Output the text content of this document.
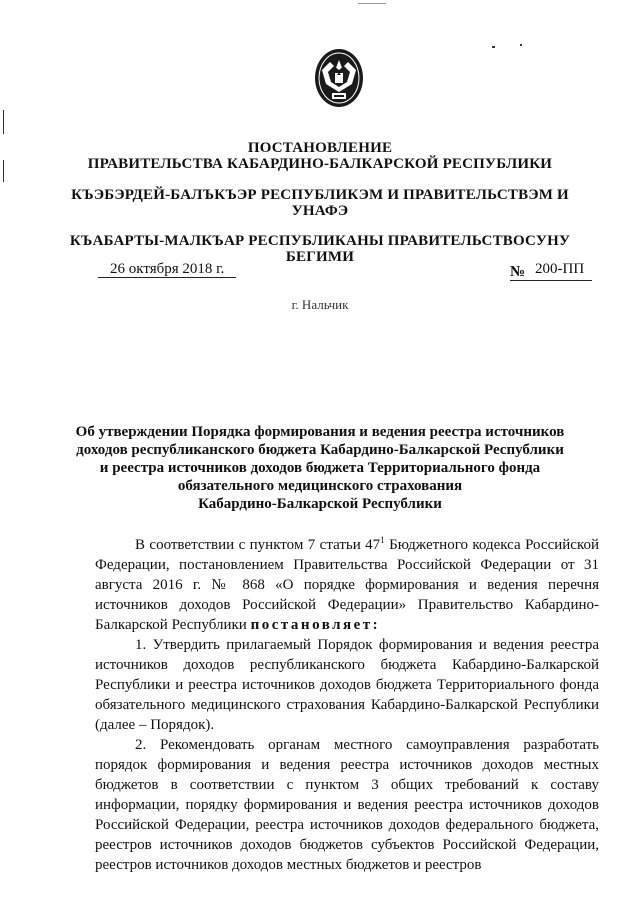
ПОСТАНОВЛЕНИЕ
ПРАВИТЕЛЬСТВА КАБАРДИНО-БАЛКАРСКОЙ РЕСПУБЛИКИ
КЪЭБЭРДЕЙ-БАЛЪКЪЭР РЕСПУБЛИКЭМ И ПРАВИТЕЛЬСТВЭМ И
УНАФЭ
КЪАБАРТЫ-МАЛКЪАР РЕСПУБЛИКАНЫ ПРАВИТЕЛЬСТВОСУНУ
БЕГИМИ
26 октября 2018 г.	№ 200-ПП
г. Нальчик
Об утверждении Порядка формирования и ведения реестра источников
доходов республиканского бюджета Кабардино-Балкарской Республики
и реестра источников доходов бюджета Территориального фонда
обязательного медицинского страхования
Кабардино-Балкарской Республики

В соответствии с пунктом 7 статьи $47^1$ Бюджетного кодекса Российской Федерации, постановлением Правительства Российской Федерации от 31 августа 2016 г. № 868 «О порядке формирования и ведения перечня источников доходов Российской Федерации» Правительство Кабардино-Балкарской Республики постановляет:

1. Утвердить прилагаемый Порядок формирования и ведения реестра источников доходов республиканского бюджета Кабардино-Балкарской Республики и реестра источников доходов бюджета Территориального фонда обязательного медицинского страхования Кабардино-Балкарской Республики (далее – Порядок).

2. Рекомендовать органам местного самоуправления разработать порядок формирования и ведения реестра источников доходов местных бюджетов в соответствии с пунктом 3 общих требований к составу информации, порядку формирования и ведения реестра источников доходов Российской Федерации, реестра источников доходов федерального бюджета, реестров источников доходов бюджетов субъектов Российской Федерации, реестров источников доходов местных бюджетов и реестров
